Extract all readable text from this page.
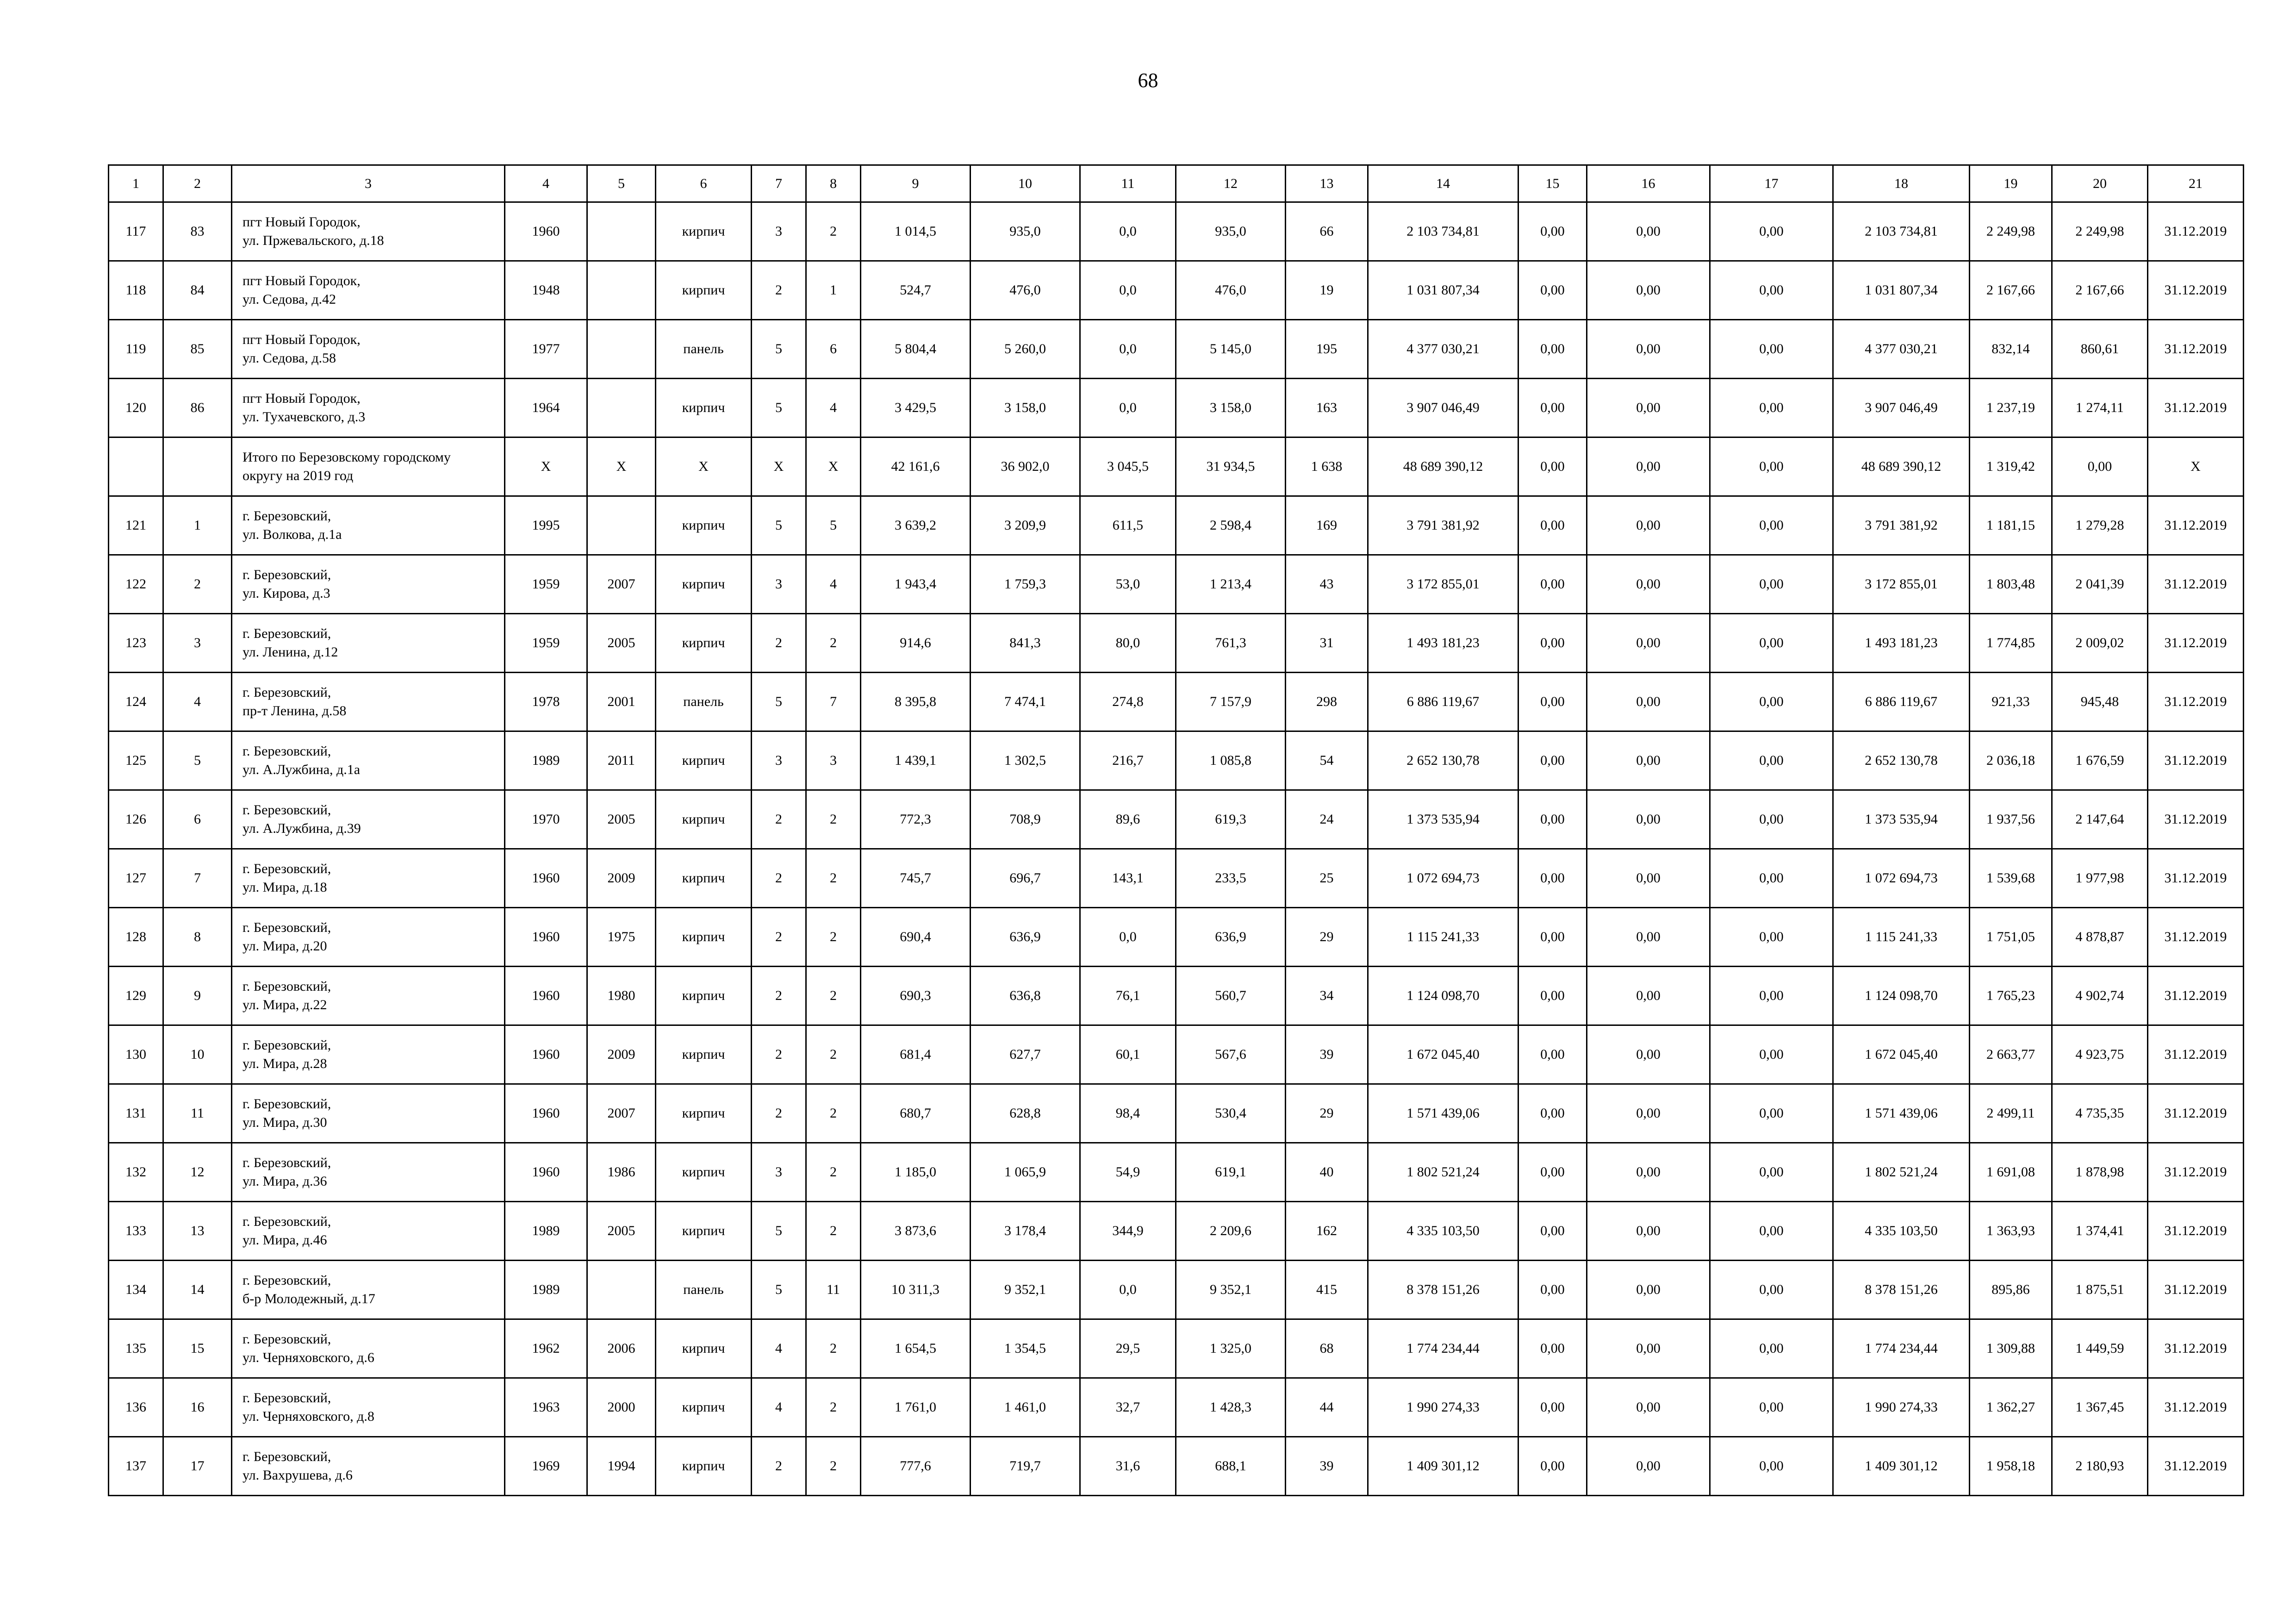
68
1	2	3	4	5	6	7	8	9	10	11	12	13	14	15	16	17	18	19	20	21
117	83	пгт Новый Городок,
ул. Пржевальского, д.18	1960		кирпич	3	2	1 014,5	935,0	0,0	935,0	66	2 103 734,81	0,00	0,00	0,00	2 103 734,81	2 249,98	2 249,98	31.12.2019
118	84	пгт Новый Городок,
ул. Седова, д.42	1948		кирпич	2	1	524,7	476,0	0,0	476,0	19	1 031 807,34	0,00	0,00	0,00	1 031 807,34	2 167,66	2 167,66	31.12.2019
119	85	пгт Новый Городок,
ул. Седова, д.58	1977		панель	5	6	5 804,4	5 260,0	0,0	5 145,0	195	4 377 030,21	0,00	0,00	0,00	4 377 030,21	832,14	860,61	31.12.2019
120	86	пгт Новый Городок,
ул. Тухачевского, д.3	1964		кирпич	5	4	3 429,5	3 158,0	0,0	3 158,0	163	3 907 046,49	0,00	0,00	0,00	3 907 046,49	1 237,19	1 274,11	31.12.2019

		Итого по Березовскому городскому
округу на 2019 год	Х	Х	Х	Х	Х	42 161,6	36 902,0	3 045,5	31 934,5	1 638	48 689 390,12	0,00	0,00	0,00	48 689 390,12	1 319,42	0,00	Х
121	1	г. Березовский,
ул. Волкова, д.1а	1995		кирпич	5	5	3 639,2	3 209,9	611,5	2 598,4	169	3 791 381,92	0,00	0,00	0,00	3 791 381,92	1 181,15	1 279,28	31.12.2019
122	2	г. Березовский,
ул. Кирова, д.3	1959	2007	кирпич	3	4	1 943,4	1 759,3	53,0	1 213,4	43	3 172 855,01	0,00	0,00	0,00	3 172 855,01	1 803,48	2 041,39	31.12.2019
123	3	г. Березовский,
ул. Ленина, д.12	1959	2005	кирпич	2	2	914,6	841,3	80,0	761,3	31	1 493 181,23	0,00	0,00	0,00	1 493 181,23	1 774,85	2 009,02	31.12.2019
124	4	г. Березовский,
пр-т Ленина, д.58	1978	2001	панель	5	7	8 395,8	7 474,1	274,8	7 157,9	298	6 886 119,67	0,00	0,00	0,00	6 886 119,67	921,33	945,48	31.12.2019
125	5	г. Березовский,
ул. А.Лужбина, д.1а	1989	2011	кирпич	3	3	1 439,1	1 302,5	216,7	1 085,8	54	2 652 130,78	0,00	0,00	0,00	2 652 130,78	2 036,18	1 676,59	31.12.2019
126	6	г. Березовский,
ул. А.Лужбина, д.39	1970	2005	кирпич	2	2	772,3	708,9	89,6	619,3	24	1 373 535,94	0,00	0,00	0,00	1 373 535,94	1 937,56	2 147,64	31.12.2019
127	7	г. Березовский,
ул. Мира, д.18	1960	2009	кирпич	2	2	745,7	696,7	143,1	233,5	25	1 072 694,73	0,00	0,00	0,00	1 072 694,73	1 539,68	1 977,98	31.12.2019
128	8	г. Березовский,
ул. Мира, д.20	1960	1975	кирпич	2	2	690,4	636,9	0,0	636,9	29	1 115 241,33	0,00	0,00	0,00	1 115 241,33	1 751,05	4 878,87	31.12.2019
129	9	г. Березовский,
ул. Мира, д.22	1960	1980	кирпич	2	2	690,3	636,8	76,1	560,7	34	1 124 098,70	0,00	0,00	0,00	1 124 098,70	1 765,23	4 902,74	31.12.2019
130	10	г. Березовский,
ул. Мира, д.28	1960	2009	кирпич	2	2	681,4	627,7	60,1	567,6	39	1 672 045,40	0,00	0,00	0,00	1 672 045,40	2 663,77	4 923,75	31.12.2019
131	11	г. Березовский,
ул. Мира, д.30	1960	2007	кирпич	2	2	680,7	628,8	98,4	530,4	29	1 571 439,06	0,00	0,00	0,00	1 571 439,06	2 499,11	4 735,35	31.12.2019
132	12	г. Березовский,
ул. Мира, д.36	1960	1986	кирпич	3	2	1 185,0	1 065,9	54,9	619,1	40	1 802 521,24	0,00	0,00	0,00	1 802 521,24	1 691,08	1 878,98	31.12.2019
133	13	г. Березовский,
ул. Мира, д.46	1989	2005	кирпич	5	2	3 873,6	3 178,4	344,9	2 209,6	162	4 335 103,50	0,00	0,00	0,00	4 335 103,50	1 363,93	1 374,41	31.12.2019
134	14	г. Березовский,
б-р Молодежный, д.17	1989		панель	5	11	10 311,3	9 352,1	0,0	9 352,1	415	8 378 151,26	0,00	0,00	0,00	8 378 151,26	895,86	1 875,51	31.12.2019
135	15	г. Березовский,
ул. Черняховского, д.6	1962	2006	кирпич	4	2	1 654,5	1 354,5	29,5	1 325,0	68	1 774 234,44	0,00	0,00	0,00	1 774 234,44	1 309,88	1 449,59	31.12.2019
136	16	г. Березовский,
ул. Черняховского, д.8	1963	2000	кирпич	4	2	1 761,0	1 461,0	32,7	1 428,3	44	1 990 274,33	0,00	0,00	0,00	1 990 274,33	1 362,27	1 367,45	31.12.2019
137	17	г. Березовский,
ул. Вахрушева, д.6	1969	1994	кирпич	2	2	777,6	719,7	31,6	688,1	39	1 409 301,12	0,00	0,00	0,00	1 409 301,12	1 958,18	2 180,93	31.12.2019
